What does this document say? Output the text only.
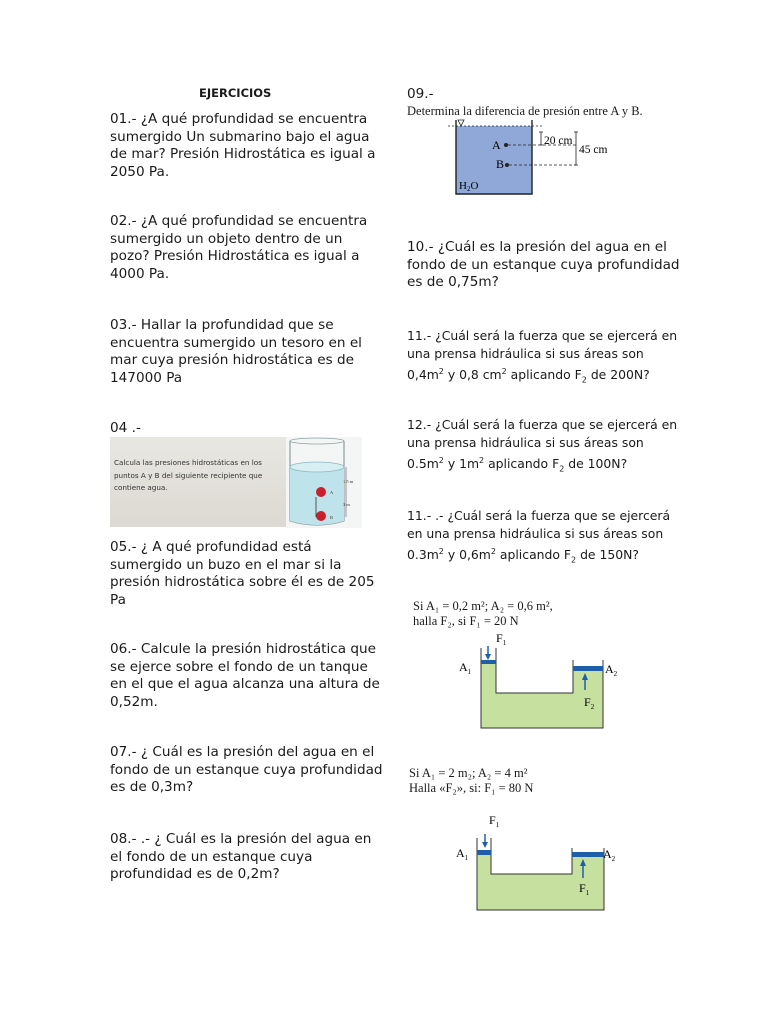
EJERCICIOS
01.- ¿A qué profundidad se encuentra
sumergido Un submarino bajo el agua
de mar? Presión Hidrostática es igual a
2050 Pa.
02.- ¿A qué profundidad se encuentra
sumergido un objeto dentro de un
pozo? Presión Hidrostática es igual a
4000 Pa.
03.- Hallar la profundidad que se
encuentra sumergido un tesoro en el
mar cuya presión hidrostática es de
147000 Pa
04 .-
Calcula las presiones hidrostáticas en los puntos A y B del siguiente recipiente que contiene agua.
1.5 m
3 m
A
B
05.- ¿ A qué profundidad está
sumergido un buzo en el mar si la
presión hidrostática sobre él es de 205
Pa
06.- Calcule la presión hidrostática que
se ejerce sobre el fondo de un tanque
en el que el agua alcanza una altura de
0,52m.
07.- ¿ Cuál es la presión del agua en el
fondo de un estanque cuya profundidad
es de 0,3m?
08.- .- ¿ Cuál es la presión del agua en
el fondo de un estanque cuya
profundidad es de 0,2m?
09.-
Determina la diferencia de presión entre A y B.
A
B
H2O
20 cm
45 cm
10.- ¿Cuál es la presión del agua en el
fondo de un estanque cuya profundidad
es de 0,75m?
11.- ¿Cuál será la fuerza que se ejercerá en
una prensa hidráulica si sus áreas son
$0,4m^2$ y 0,8 $cm^2$ aplicando $F_2$ de 200N?
12.- ¿Cuál será la fuerza que se ejercerá en
una prensa hidráulica si sus áreas son
$0.5m^2$ y $1m^2$ aplicando $F_2$ de 100N?
11.- .- ¿Cuál será la fuerza que se ejercerá
en una prensa hidráulica si sus áreas son
$0.3m^2$ y $0,6m^2$ aplicando $F_2$ de 150N?
Si A₁ = 0,2 m²; A₂ = 0,6 m²,
halla F₂, si F₁ = 20 N
$A_1$	$A_2$
$F_1$
$F_2$
Si A₁ = 2 m₂; A₂ = 4 m²
Halla «F₂», si: F₁ = 80 N
$A_1$	$A_2$
$F_1$
$F_1$
